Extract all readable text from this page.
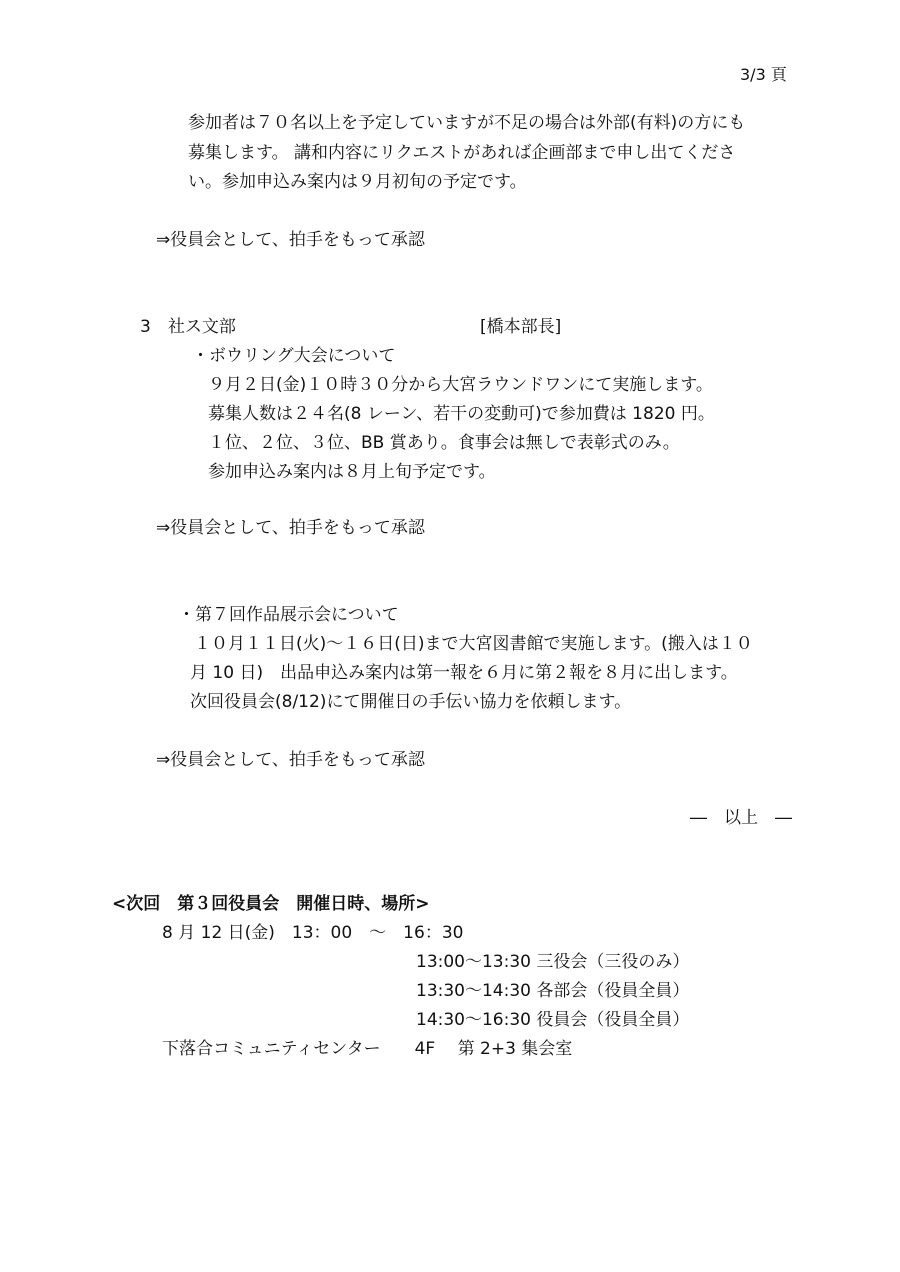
3/3 頁
参加者は７０名以上を予定していますが不足の場合は外部(有料)の方にも
募集します。 講和内容にリクエストがあれば企画部まで申し出てくださ
い。参加申込み案内は９月初旬の予定です。
⇒役員会として、拍手をもって承認
3　社ス文部	[橋本部長]
・ボウリング大会について
９月２日(金)１０時３０分から大宮ラウンドワンにて実施します。
募集人数は２４名(8 レーン、若干の変動可)で参加費は 1820 円。
１位、２位、３位、BB 賞あり。食事会は無しで表彰式のみ。
参加申込み案内は８月上旬予定です。
⇒役員会として、拍手をもって承認
・第７回作品展示会について
１０月１１日(火)～１６日(日)まで大宮図書館で実施します。(搬入は１０
月 10 日)　出品申込み案内は第一報を６月に第２報を８月に出します。
次回役員会(8/12)にて開催日の手伝い協力を依頼します。
⇒役員会として、拍手をもって承認
―　以上　―
<次回　第３回役員会　開催日時、場所>
8 月 12 日(金)　13：00　～　16：30
13:00～13:30 三役会（三役のみ）
13:30～14:30 各部会（役員全員）
14:30～16:30 役員会（役員全員）
下落合コミュニティセンター　　4F　 第 2+3 集会室
